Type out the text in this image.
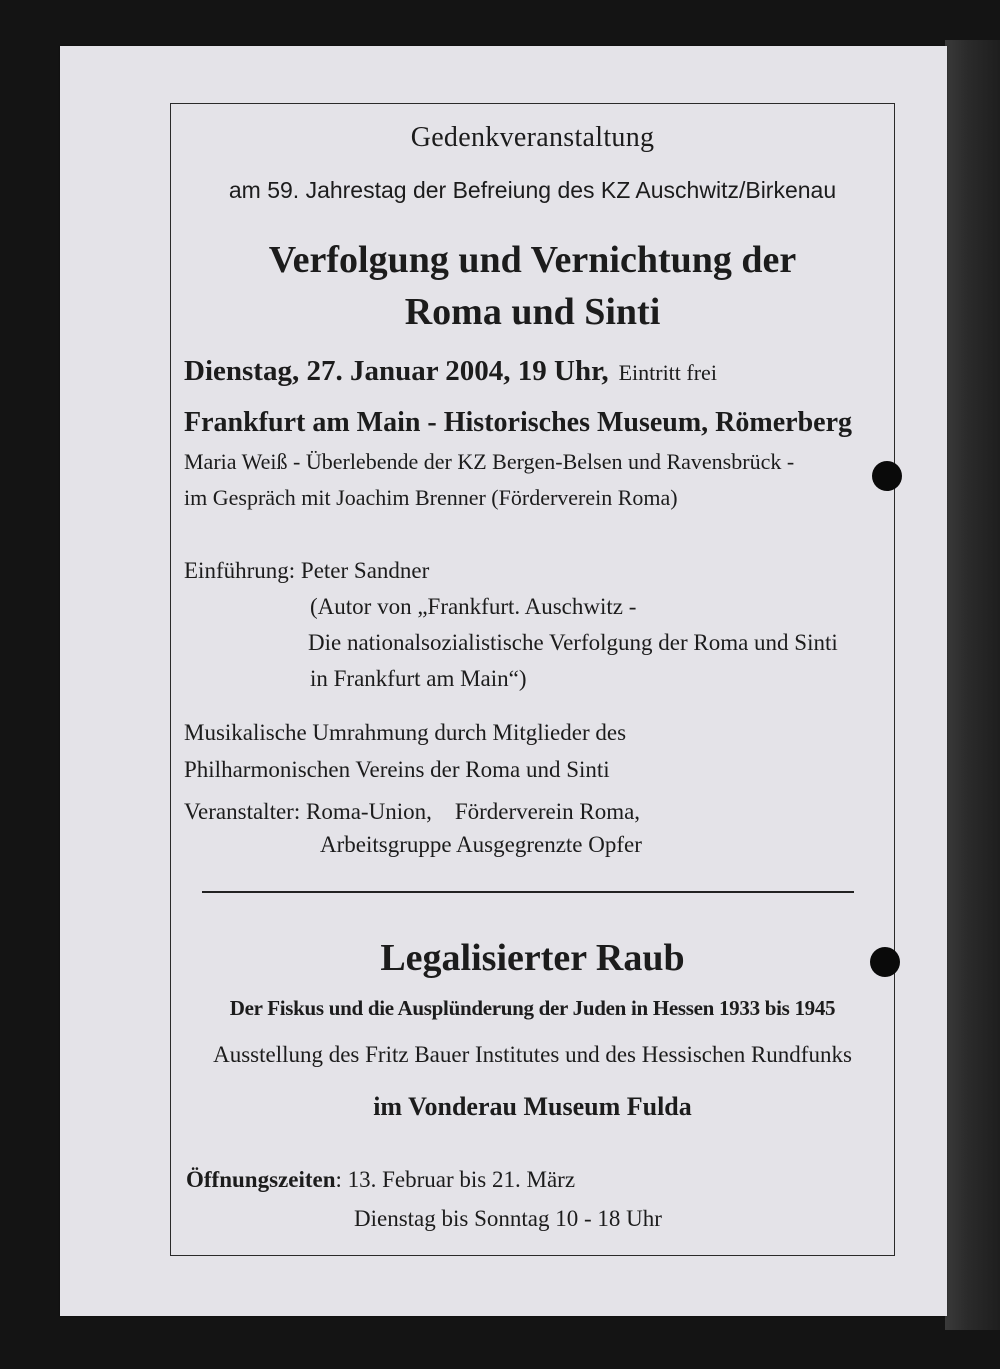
Gedenkveranstaltung
am 59. Jahrestag der Befreiung des KZ Auschwitz/Birkenau
Verfolgung und Vernichtung der
Roma und Sinti
Dienstag, 27. Januar 2004, 19 Uhr, Eintritt frei
Frankfurt am Main - Historisches Museum, Römerberg
Maria Weiß - Überlebende der KZ Bergen-Belsen und Ravensbrück -
im Gespräch mit Joachim Brenner (Förderverein Roma)
Einführung: Peter Sandner
(Autor von „Frankfurt. Auschwitz -
Die nationalsozialistische Verfolgung der Roma und Sinti
in Frankfurt am Main“)
Musikalische Umrahmung durch Mitglieder des
Philharmonischen Vereins der Roma und Sinti
Veranstalter: Roma-Union,    Förderverein Roma,
Arbeitsgruppe Ausgegrenzte Opfer
Legalisierter Raub
Der Fiskus und die Ausplünderung der Juden in Hessen 1933 bis 1945
Ausstellung des Fritz Bauer Institutes und des Hessischen Rundfunks
im Vonderau Museum Fulda
Öffnungszeiten: 13. Februar bis 21. März
Dienstag bis Sonntag 10 - 18 Uhr
